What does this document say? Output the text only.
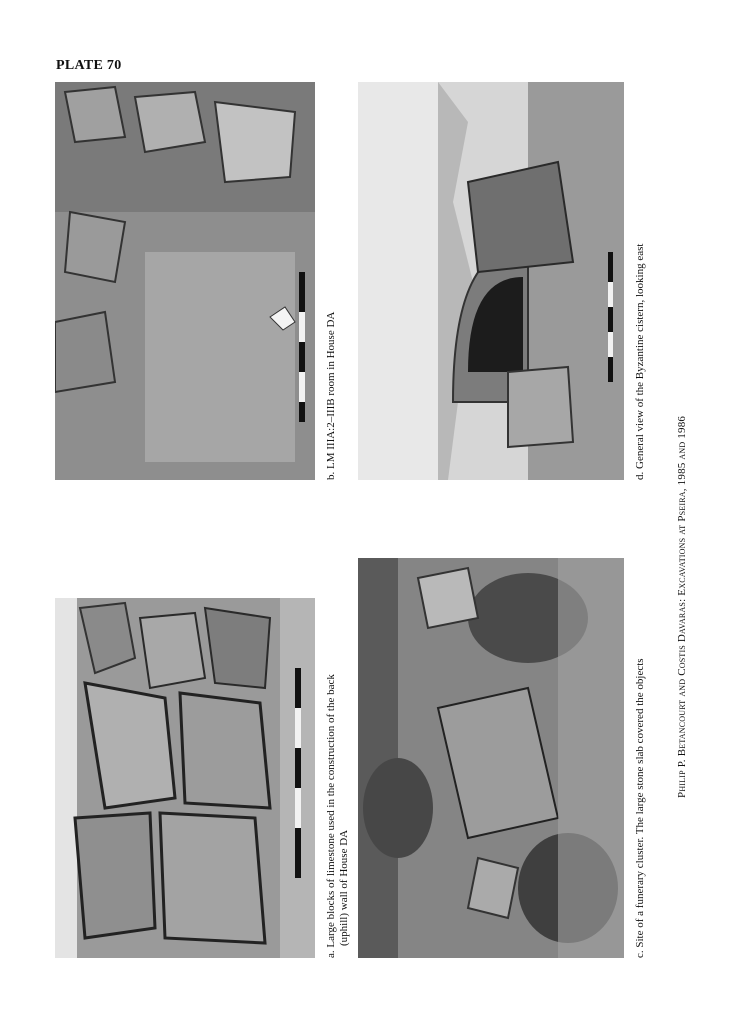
PLATE 70
a. Large blocks of limestone used in the construction of the back (uphill) wall of House DA
b. LM IIIA:2–IIIB room in House DA
c. Site of a funerary cluster. The large stone slab covered the objects
d. General view of the Byzantine cistern, looking east
Philip P. Betancourt and Costis Davaras: Excavations at Pseira, 1985 and 1986
